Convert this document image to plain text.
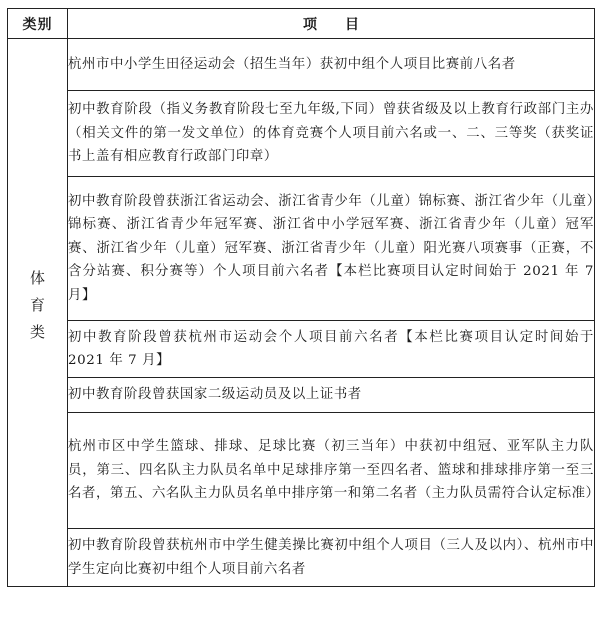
类别	项目
体育类	杭州市中小学生田径运动会（招生当年）获初中组个人项目比赛前八名者
	初中教育阶段（指义务教育阶段七至九年级,下同）曾获省级及以上教育行政部门主办（相关文件的第一发文单位）的体育竞赛个人项目前六名或一、二、三等奖（获奖证书上盖有相应教育行政部门印章）
	初中教育阶段曾获浙江省运动会、浙江省青少年（儿童）锦标赛、浙江省少年（儿童）锦标赛、浙江省青少年冠军赛、浙江省中小学冠军赛、浙江省青少年（儿童）冠军赛、浙江省少年（儿童）冠军赛、浙江省青少年（儿童）阳光赛八项赛事（正赛，不含分站赛、积分赛等）个人项目前六名者【本栏比赛项目认定时间始于 2021 年 7 月】
	初中教育阶段曾获杭州市运动会个人项目前六名者【本栏比赛项目认定时间始于 2021 年 7 月】
	初中教育阶段曾获国家二级运动员及以上证书者
	杭州市区中学生篮球、排球、足球比赛（初三当年）中获初中组冠、亚军队主力队员，第三、四名队主力队员名单中足球排序第一至四名者、篮球和排球排序第一至三名者，第五、六名队主力队员名单中排序第一和第二名者（主力队员需符合认定标准）
	初中教育阶段曾获杭州市中学生健美操比赛初中组个人项目（三人及以内）、杭州市中学生定向比赛初中组个人项目前六名者
